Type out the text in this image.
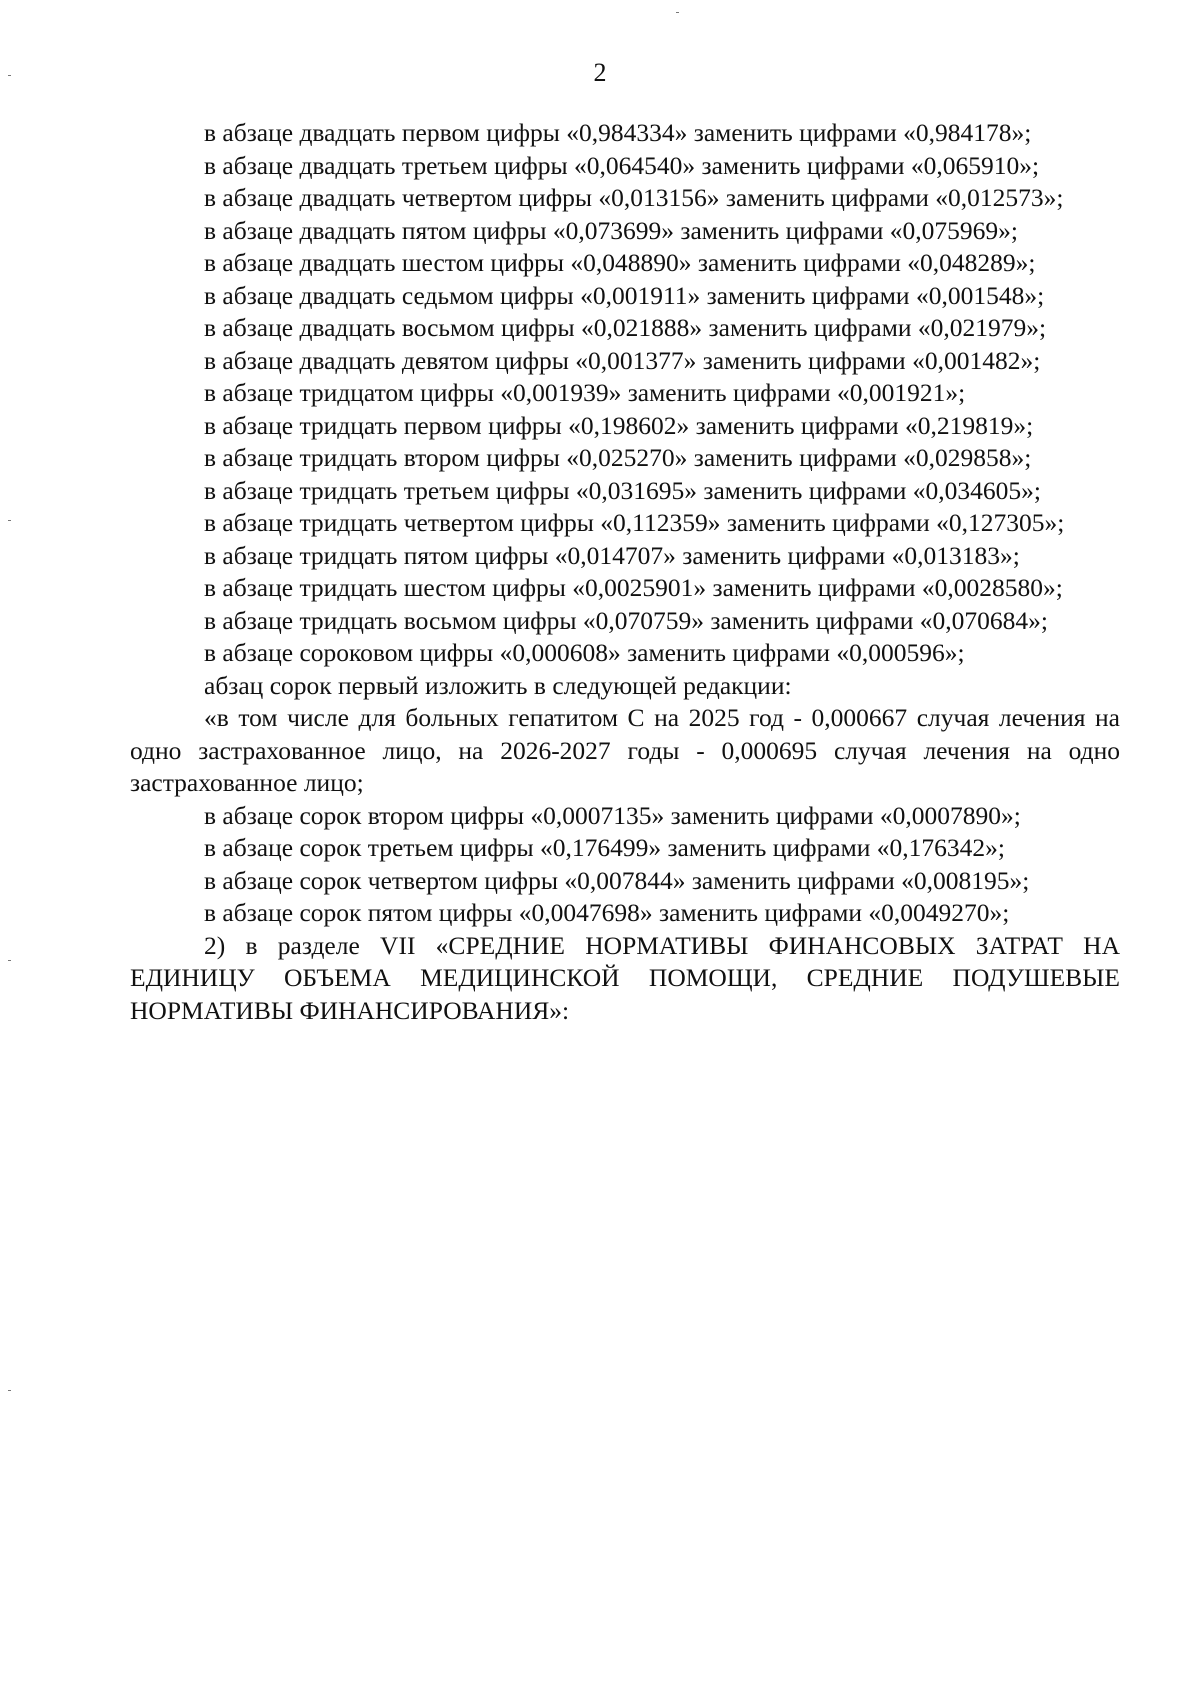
2

в абзаце двадцать первом цифры «0,984334» заменить цифрами «0,984178»;

в абзаце двадцать третьем цифры «0,064540» заменить цифрами «0,065910»;

в абзаце двадцать четвертом цифры «0,013156» заменить цифрами «0,012573»;

в абзаце двадцать пятом цифры «0,073699» заменить цифрами «0,075969»;

в абзаце двадцать шестом цифры «0,048890» заменить цифрами «0,048289»;

в абзаце двадцать седьмом цифры «0,001911» заменить цифрами «0,001548»;

в абзаце двадцать восьмом цифры «0,021888» заменить цифрами «0,021979»;

в абзаце двадцать девятом цифры «0,001377» заменить цифрами «0,001482»;

в абзаце тридцатом цифры «0,001939» заменить цифрами «0,001921»;

в абзаце тридцать первом цифры «0,198602» заменить цифрами «0,219819»;

в абзаце тридцать втором цифры «0,025270» заменить цифрами «0,029858»;

в абзаце тридцать третьем цифры «0,031695» заменить цифрами «0,034605»;

в абзаце тридцать четвертом цифры «0,112359» заменить цифрами «0,127305»;

в абзаце тридцать пятом цифры «0,014707» заменить цифрами «0,013183»;

в абзаце тридцать шестом цифры «0,0025901» заменить цифрами «0,0028580»;

в абзаце тридцать восьмом цифры «0,070759» заменить цифрами «0,070684»;

в абзаце сороковом цифры «0,000608» заменить цифрами «0,000596»;

абзац сорок первый изложить в следующей редакции:

«в том числе для больных гепатитом С на 2025 год - 0,000667 случая лечения на одно застрахованное лицо, на 2026-2027 годы - 0,000695 случая лечения на одно застрахованное лицо;

в абзаце сорок втором цифры «0,0007135» заменить цифрами «0,0007890»;

в абзаце сорок третьем цифры «0,176499» заменить цифрами «0,176342»;

в абзаце сорок четвертом цифры «0,007844» заменить цифрами «0,008195»;

в абзаце сорок пятом цифры «0,0047698» заменить цифрами «0,0049270»;

2) в разделе VII «СРЕДНИЕ НОРМАТИВЫ ФИНАНСОВЫХ ЗАТРАТ НА ЕДИНИЦУ ОБЪЕМА МЕДИЦИНСКОЙ ПОМОЩИ, СРЕДНИЕ ПОДУШЕВЫЕ НОРМАТИВЫ ФИНАНСИРОВАНИЯ»:
